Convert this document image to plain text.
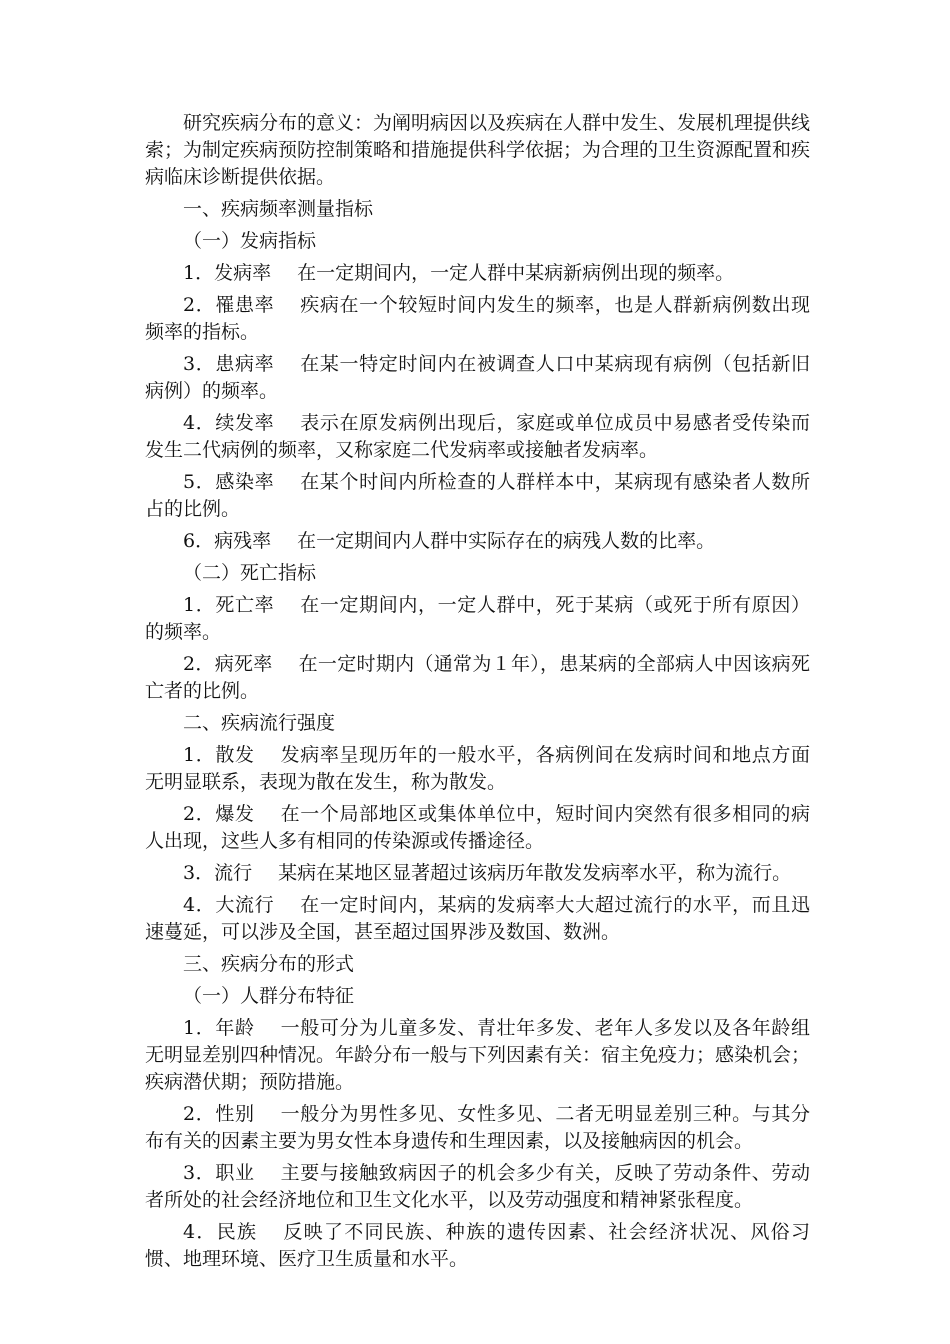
研究疾病分布的意义：为阐明病因以及疾病在人群中发生、发展机理提供线索；为制定疾病预防控制策略和措施提供科学依据；为合理的卫生资源配置和疾病临床诊断提供依据。

一、疾病频率测量指标

（一）发病指标

1．发病率 在一定期间内，一定人群中某病新病例出现的频率。

2．罹患率 疾病在一个较短时间内发生的频率，也是人群新病例数出现频率的指标。

3．患病率 在某一特定时间内在被调查人口中某病现有病例（包括新旧病例）的频率。

4．续发率 表示在原发病例出现后，家庭或单位成员中易感者受传染而发生二代病例的频率，又称家庭二代发病率或接触者发病率。

5．感染率 在某个时间内所检查的人群样本中，某病现有感染者人数所占的比例。

6．病残率 在一定期间内人群中实际存在的病残人数的比率。

（二）死亡指标

1．死亡率 在一定期间内，一定人群中，死于某病（或死于所有原因）的频率。

2．病死率 在一定时期内（通常为１年），患某病的全部病人中因该病死亡者的比例。

二、疾病流行强度

1．散发 发病率呈现历年的一般水平，各病例间在发病时间和地点方面无明显联系，表现为散在发生，称为散发。

2．爆发 在一个局部地区或集体单位中，短时间内突然有很多相同的病人出现，这些人多有相同的传染源或传播途径。

3．流行 某病在某地区显著超过该病历年散发发病率水平，称为流行。

4．大流行 在一定时间内，某病的发病率大大超过流行的水平，而且迅速蔓延，可以涉及全国，甚至超过国界涉及数国、数洲。

三、疾病分布的形式

（一）人群分布特征

1．年龄 一般可分为儿童多发、青壮年多发、老年人多发以及各年龄组无明显差别四种情况。年龄分布一般与下列因素有关：宿主免疫力；感染机会；疾病潜伏期；预防措施。

2．性别 一般分为男性多见、女性多见、二者无明显差别三种。与其分布有关的因素主要为男女性本身遗传和生理因素，以及接触病因的机会。

3．职业 主要与接触致病因子的机会多少有关，反映了劳动条件、劳动者所处的社会经济地位和卫生文化水平，以及劳动强度和精神紧张程度。

4．民族 反映了不同民族、种族的遗传因素、社会经济状况、风俗习惯、地理环境、医疗卫生质量和水平。
